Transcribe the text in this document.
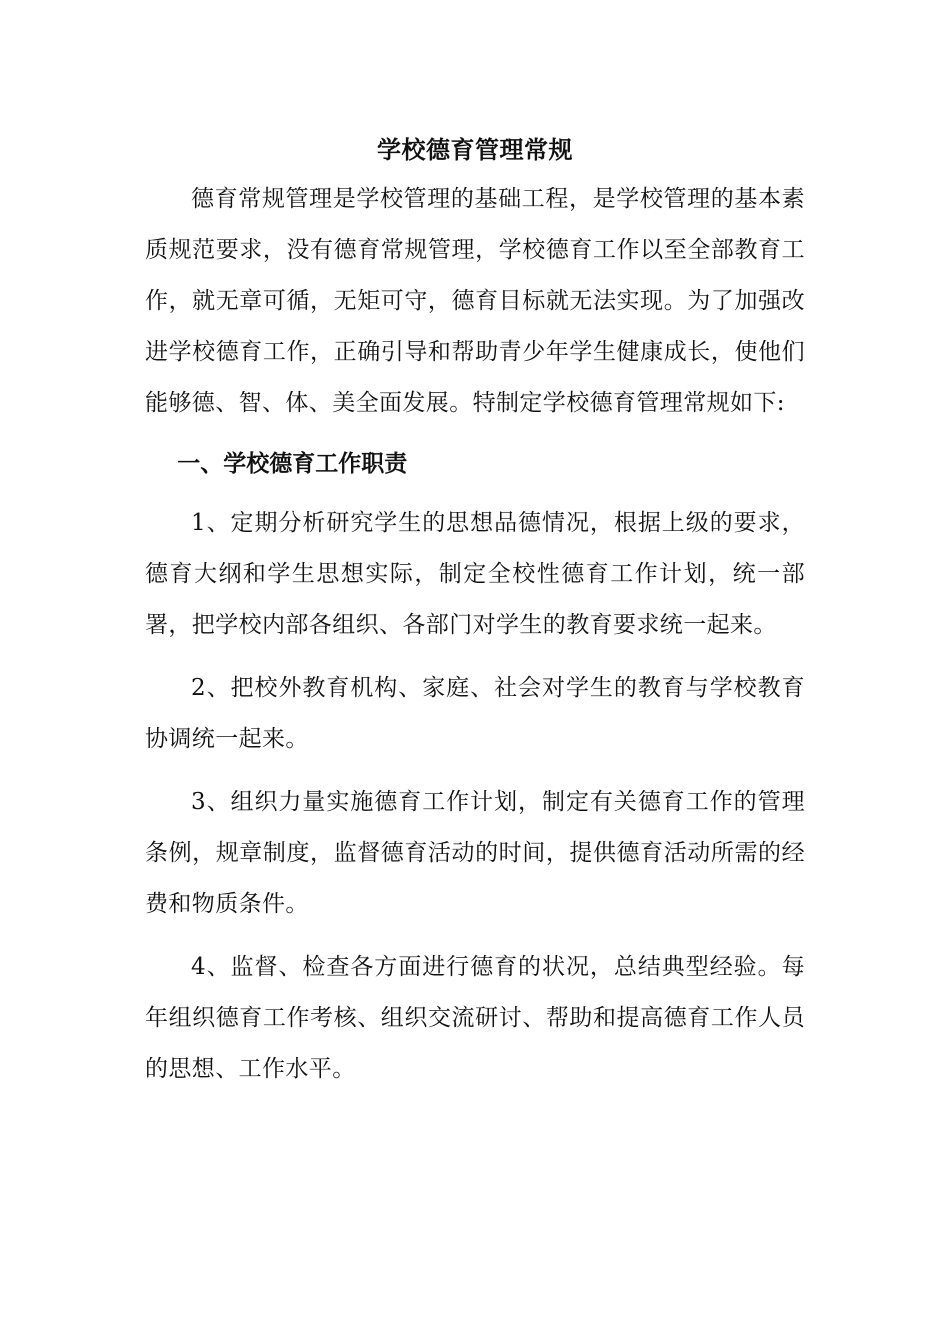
学校德育管理常规

德育常规管理是学校管理的基础工程，是学校管理的基本素质规范要求，没有德育常规管理，学校德育工作以至全部教育工作，就无章可循，无矩可守，德育目标就无法实现。为了加强改进学校德育工作，正确引导和帮助青少年学生健康成长，使他们能够德、智、体、美全面发展。特制定学校德育管理常规如下:

一、学校德育工作职责

1、定期分析研究学生的思想品德情况，根据上级的要求，德育大纲和学生思想实际，制定全校性德育工作计划，统一部署，把学校内部各组织、各部门对学生的教育要求统一起来。

2、把校外教育机构、家庭、社会对学生的教育与学校教育协调统一起来。

3、组织力量实施德育工作计划，制定有关德育工作的管理条例，规章制度，监督德育活动的时间，提供德育活动所需的经费和物质条件。

4、监督、检查各方面进行德育的状况，总结典型经验。每年组织德育工作考核、组织交流研讨、帮助和提高德育工作人员的思想、工作水平。
